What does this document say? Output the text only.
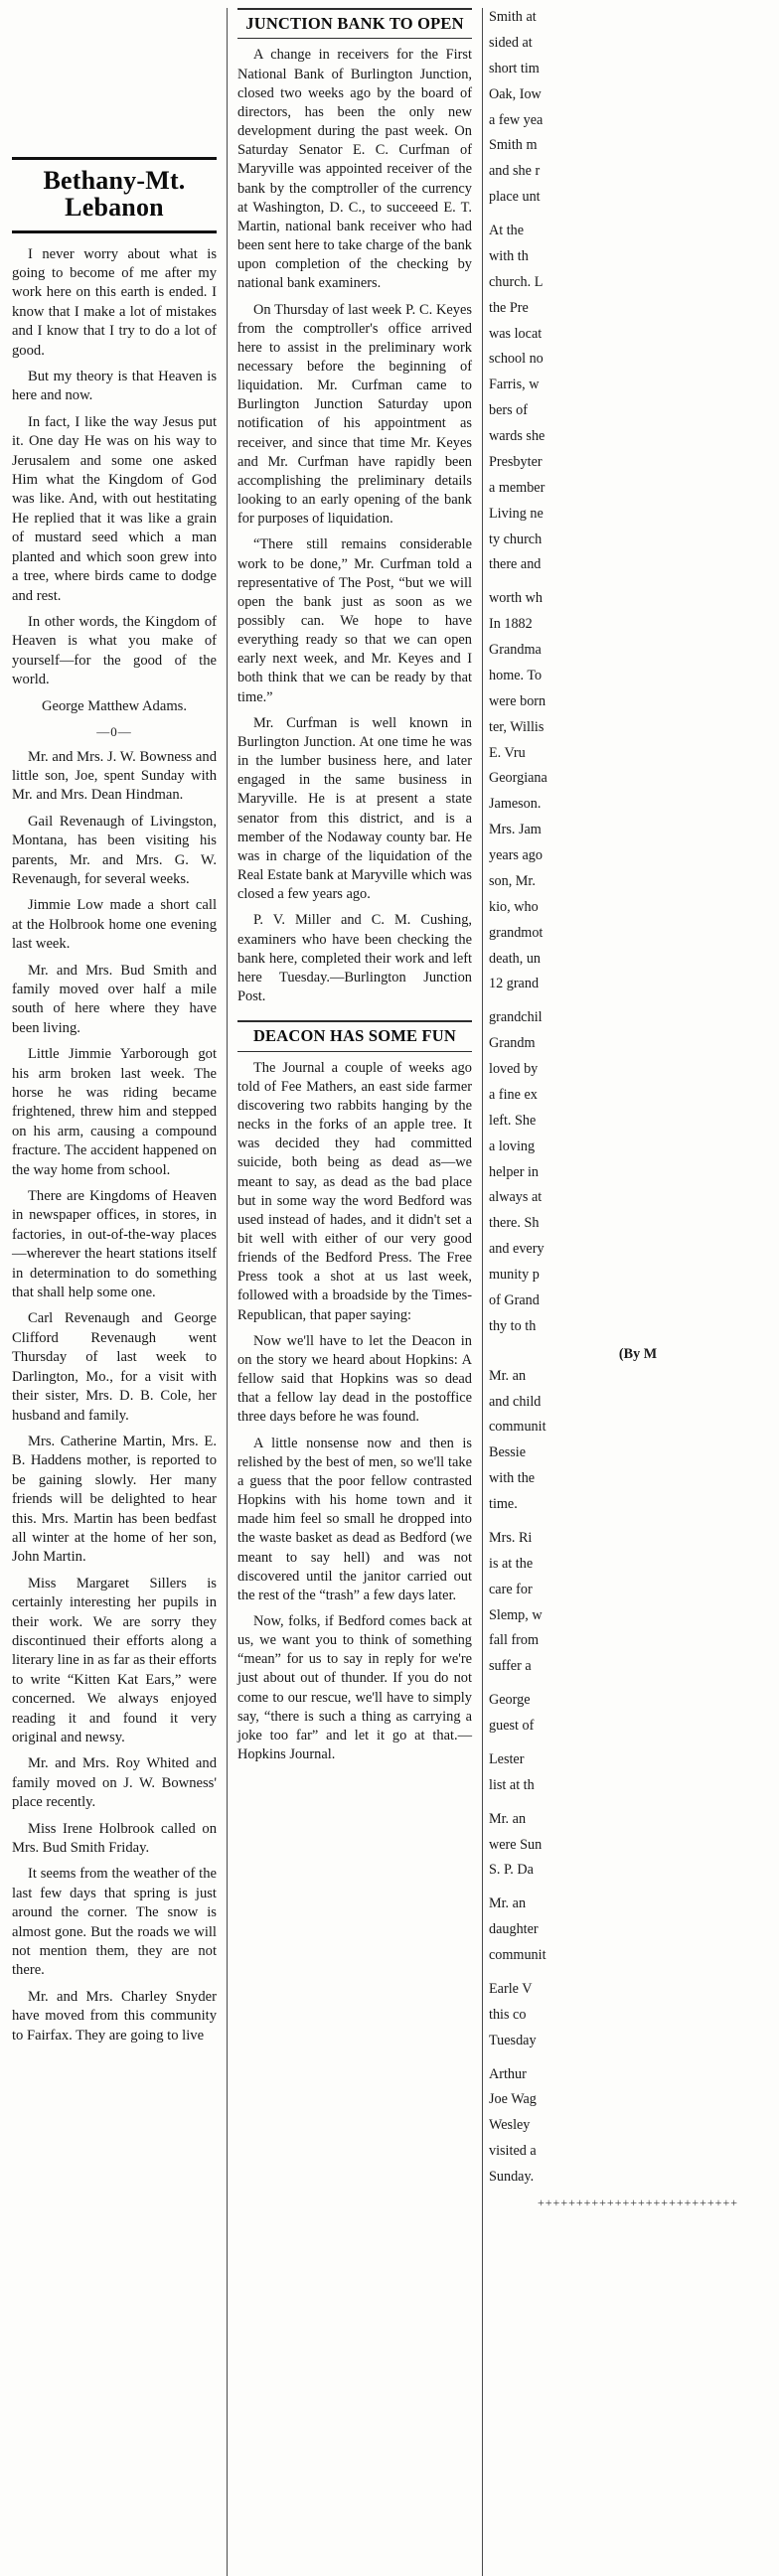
Bethany-Mt. Lebanon

I never worry about what is going to become of me after my work here on this earth is ended. I know that I make a lot of mistakes and I know that I try to do a lot of good.

But my theory is that Heaven is here and now.

In fact, I like the way Jesus put it. One day He was on his way to Jerusalem and some one asked Him what the Kingdom of God was like. And, with out hestitating He replied that it was like a grain of mustard seed which a man planted and which soon grew into a tree, where birds came to dodge and rest.

In other words, the Kingdom of Heaven is what you make of yourself—for the good of the world.

George Matthew Adams.

—0—

Mr. and Mrs. J. W. Bowness and little son, Joe, spent Sunday with Mr. and Mrs. Dean Hindman.

Gail Revenaugh of Livingston, Montana, has been visiting his parents, Mr. and Mrs. G. W. Revenaugh, for several weeks.

Jimmie Low made a short call at the Holbrook home one evening last week.

Mr. and Mrs. Bud Smith and family moved over half a mile south of here where they have been living.

Little Jimmie Yarborough got his arm broken last week. The horse he was riding became frightened, threw him and stepped on his arm, causing a compound fracture. The accident happened on the way home from school.

There are Kingdoms of Heaven in newspaper offices, in stores, in factories, in out-of-the-way places—wherever the heart stations itself in determination to do something that shall help some one.

Carl Revenaugh and George Clifford Revenaugh went Thursday of last week to Darlington, Mo., for a visit with their sister, Mrs. D. B. Cole, her husband and family.

Mrs. Catherine Martin, Mrs. E. B. Haddens mother, is reported to be gaining slowly. Her many friends will be delighted to hear this. Mrs. Martin has been bedfast all winter at the home of her son, John Martin.

Miss Margaret Sillers is certainly interesting her pupils in their work. We are sorry they discontinued their efforts along a literary line in as far as their efforts to write “Kitten Kat Ears,” were concerned. We always enjoyed reading it and found it very original and newsy.

Mr. and Mrs. Roy Whited and family moved on J. W. Bowness' place recently.

Miss Irene Holbrook called on Mrs. Bud Smith Friday.

It seems from the weather of the last few days that spring is just around the corner. The snow is almost gone. But the roads we will not mention them, they are not there.

Mr. and Mrs. Charley Snyder have moved from this community to Fairfax. They are going to live

JUNCTION BANK TO OPEN

A change in receivers for the First National Bank of Burlington Junction, closed two weeks ago by the board of directors, has been the only new development during the past week. On Saturday Senator E. C. Curfman of Maryville was appointed receiver of the bank by the comptroller of the currency at Washington, D. C., to succeeed E. T. Martin, national bank receiver who had been sent here to take charge of the bank upon completion of the checking by national bank examiners.

On Thursday of last week P. C. Keyes from the comptroller's office arrived here to assist in the preliminary work necessary before the beginning of liquidation. Mr. Curfman came to Burlington Junction Saturday upon notification of his appointment as receiver, and since that time Mr. Keyes and Mr. Curfman have rapidly been accomplishing the preliminary details looking to an early opening of the bank for purposes of liquidation.

“There still remains considerable work to be done,” Mr. Curfman told a representative of The Post, “but we will open the bank just as soon as we possibly can. We hope to have everything ready so that we can open early next week, and Mr. Keyes and I both think that we can be ready by that time.”

Mr. Curfman is well known in Burlington Junction. At one time he was in the lumber business here, and later engaged in the same business in Maryville. He is at present a state senator from this district, and is a member of the Nodaway county bar. He was in charge of the liquidation of the Real Estate bank at Maryville which was closed a few years ago.

P. V. Miller and C. M. Cushing, examiners who have been checking the bank here, completed their work and left here Tuesday.—Burlington Junction Post.

DEACON HAS SOME FUN

The Journal a couple of weeks ago told of Fee Mathers, an east side farmer discovering two rabbits hanging by the necks in the forks of an apple tree. It was decided they had committed suicide, both being as dead as—we meant to say, as dead as the bad place but in some way the word Bedford was used instead of hades, and it didn't set a bit well with either of our very good friends of the Bedford Press. The Free Press took a shot at us last week, followed with a broadside by the Times-Republican, that paper saying:

Now we'll have to let the Deacon in on the story we heard about Hopkins: A fellow said that Hopkins was so dead that a fellow lay dead in the postoffice three days before he was found.

A little nonsense now and then is relished by the best of men, so we'll take a guess that the poor fellow contrasted Hopkins with his home town and it made him feel so small he dropped into the waste basket as dead as Bedford (we meant to say hell) and was not discovered until the janitor carried out the rest of the “trash” a few days later.

Now, folks, if Bedford comes back at us, we want you to think of something “mean” for us to say in reply for we're just about out of thunder. If you do not come to our rescue, we'll have to simply say, “there is such a thing as carrying a joke too far” and let it go at that.—Hopkins Journal.

Smith at

sided at

short tim

Oak, Iow

a few yea

Smith m

and she r

place unt

At the

with th

church. L

the Pre

was locat

school no

Farris, w

bers of

wards she

Presbyter

a member

Living ne

ty church

there and

worth wh

In 1882

Grandma

home. To

were born

ter, Willis

E. Vru

Georgiana

Jameson.

Mrs. Jam

years ago

son, Mr.

kio, who

grandmot

death, un

12 grand

grandchil

Grandm

loved by

a fine ex

left. She

a loving

helper in

always at

there. Sh

and every

munity p

of Grand

thy to th

(By M

Mr. an

and child

communit

Bessie

with the

time.

Mrs. Ri

is at the

care for

Slemp, w

fall from

suffer a

George

guest of

Lester

list at th

Mr. an

were Sun

S. P. Da

Mr. an

daughter

communit

Earle V

this co

Tuesday

Arthur

Joe Wag

Wesley

visited a

Sunday.

++++++++++++++++++++++++++
